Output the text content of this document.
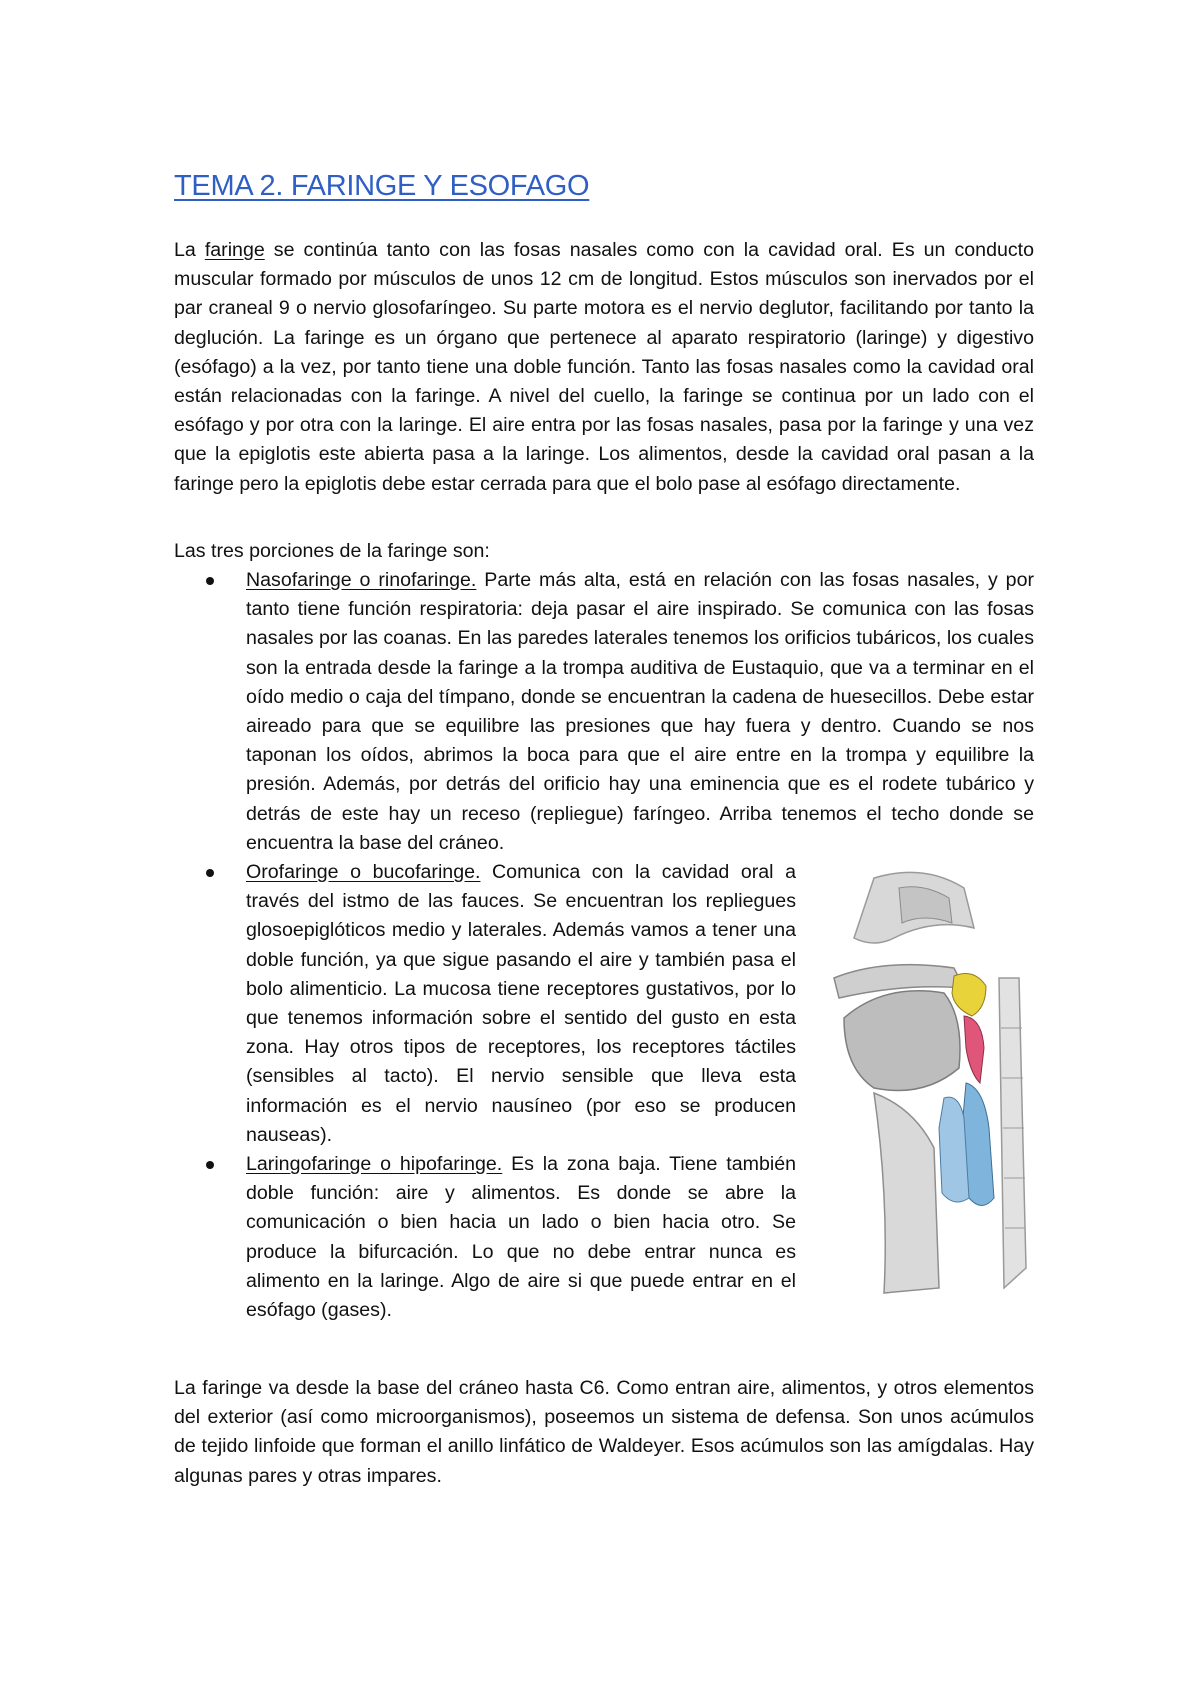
TEMA 2. FARINGE Y ESOFAGO

La faringe se continúa tanto con las fosas nasales como con la cavidad oral. Es un conducto muscular formado por músculos de unos 12 cm de longitud. Estos músculos son inervados por el par craneal 9 o nervio glosofaríngeo. Su parte motora es el nervio deglutor, facilitando por tanto la deglución. La faringe es un órgano que pertenece al aparato respiratorio (laringe) y digestivo (esófago) a la vez, por tanto tiene una doble función. Tanto las fosas nasales como la cavidad oral están relacionadas con la faringe. A nivel del cuello, la faringe se continua por un lado con el esófago y por otra con la laringe. El aire entra por las fosas nasales, pasa por la faringe y una vez que la epiglotis este abierta pasa a la laringe. Los alimentos, desde la cavidad oral pasan a la faringe pero la epiglotis debe estar cerrada para que el bolo pase al esófago directamente.

Las tres porciones de la faringe son:

Nasofaringe o rinofaringe. Parte más alta, está en relación con las fosas nasales, y por tanto tiene función respiratoria: deja pasar el aire inspirado. Se comunica con las fosas nasales por las coanas. En las paredes laterales tenemos los orificios tubáricos, los cuales son la entrada desde la faringe a la trompa auditiva de Eustaquio, que va a terminar en el oído medio o caja del tímpano, donde se encuentran la cadena de huesecillos. Debe estar aireado para que se equilibre las presiones que hay fuera y dentro. Cuando se nos taponan los oídos, abrimos la boca para que el aire entre en la trompa y equilibre la presión. Además, por detrás del orificio hay una eminencia que es el rodete tubárico y detrás de este hay un receso (repliegue) faríngeo. Arriba tenemos el techo donde se encuentra la base del cráneo.
Orofaringe o bucofaringe. Comunica con la cavidad oral a través del istmo de las fauces. Se encuentran los repliegues glosoepiglóticos medio y laterales. Además vamos a tener una doble función, ya que sigue pasando el aire y también pasa el bolo alimenticio. La mucosa tiene receptores gustativos, por lo que tenemos información sobre el sentido del gusto en esta zona. Hay otros tipos de receptores, los receptores táctiles (sensibles al tacto). El nervio sensible que lleva esta información es el nervio nausíneo (por eso se producen nauseas).
Laringofaringe o hipofaringe. Es la zona baja. Tiene también doble función: aire y alimentos. Es donde se abre la comunicación o bien hacia un lado o bien hacia otro. Se produce la bifurcación. Lo que no debe entrar nunca es alimento en la laringe. Algo de aire si que puede entrar en el esófago (gases).

La faringe va desde la base del cráneo hasta C6. Como entran aire, alimentos, y otros elementos del exterior (así como microorganismos), poseemos un sistema de defensa. Son unos acúmulos de tejido linfoide que forman el anillo linfático de Waldeyer. Esos acúmulos son las amígdalas. Hay algunas pares y otras impares.
